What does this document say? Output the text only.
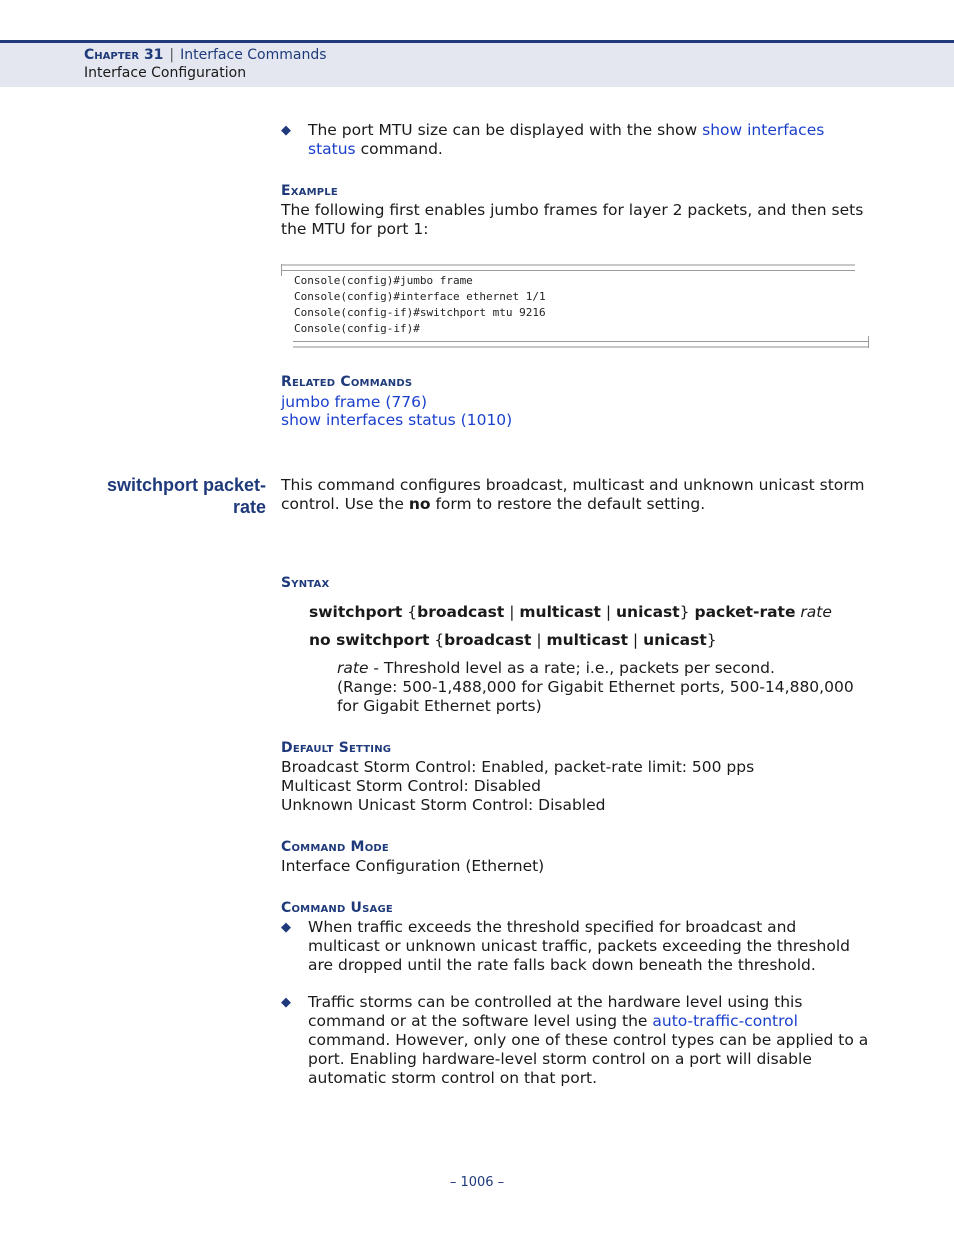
Chapter 31 | Interface Commands
Interface Configuration
◆ The port MTU size can be displayed with the show show interfaces status command.
Example
The following first enables jumbo frames for layer 2 packets, and then sets the MTU for port 1:
Console(config)#jumbo frame
Console(config)#interface ethernet 1/1
Console(config-if)#switchport mtu 9216
Console(config-if)#
Related Commands
jumbo frame (776)
show interfaces status (1010)
switchport packet-
rate
This command configures broadcast, multicast and unknown unicast storm control. Use the no form to restore the default setting.
Syntax
switchport {broadcast | multicast | unicast} packet-rate rate
no switchport {broadcast | multicast | unicast}
rate - Threshold level as a rate; i.e., packets per second.
(Range: 500-1,488,000 for Gigabit Ethernet ports, 500-14,880,000 for Gigabit Ethernet ports)
Default Setting
Broadcast Storm Control: Enabled, packet-rate limit: 500 pps
Multicast Storm Control: Disabled
Unknown Unicast Storm Control: Disabled
Command Mode
Interface Configuration (Ethernet)
Command Usage
◆ When traffic exceeds the threshold specified for broadcast and multicast or unknown unicast traffic, packets exceeding the threshold are dropped until the rate falls back down beneath the threshold.
◆ Traffic storms can be controlled at the hardware level using this command or at the software level using the auto-traffic-control command. However, only one of these control types can be applied to a port. Enabling hardware-level storm control on a port will disable automatic storm control on that port.
– 1006 –
